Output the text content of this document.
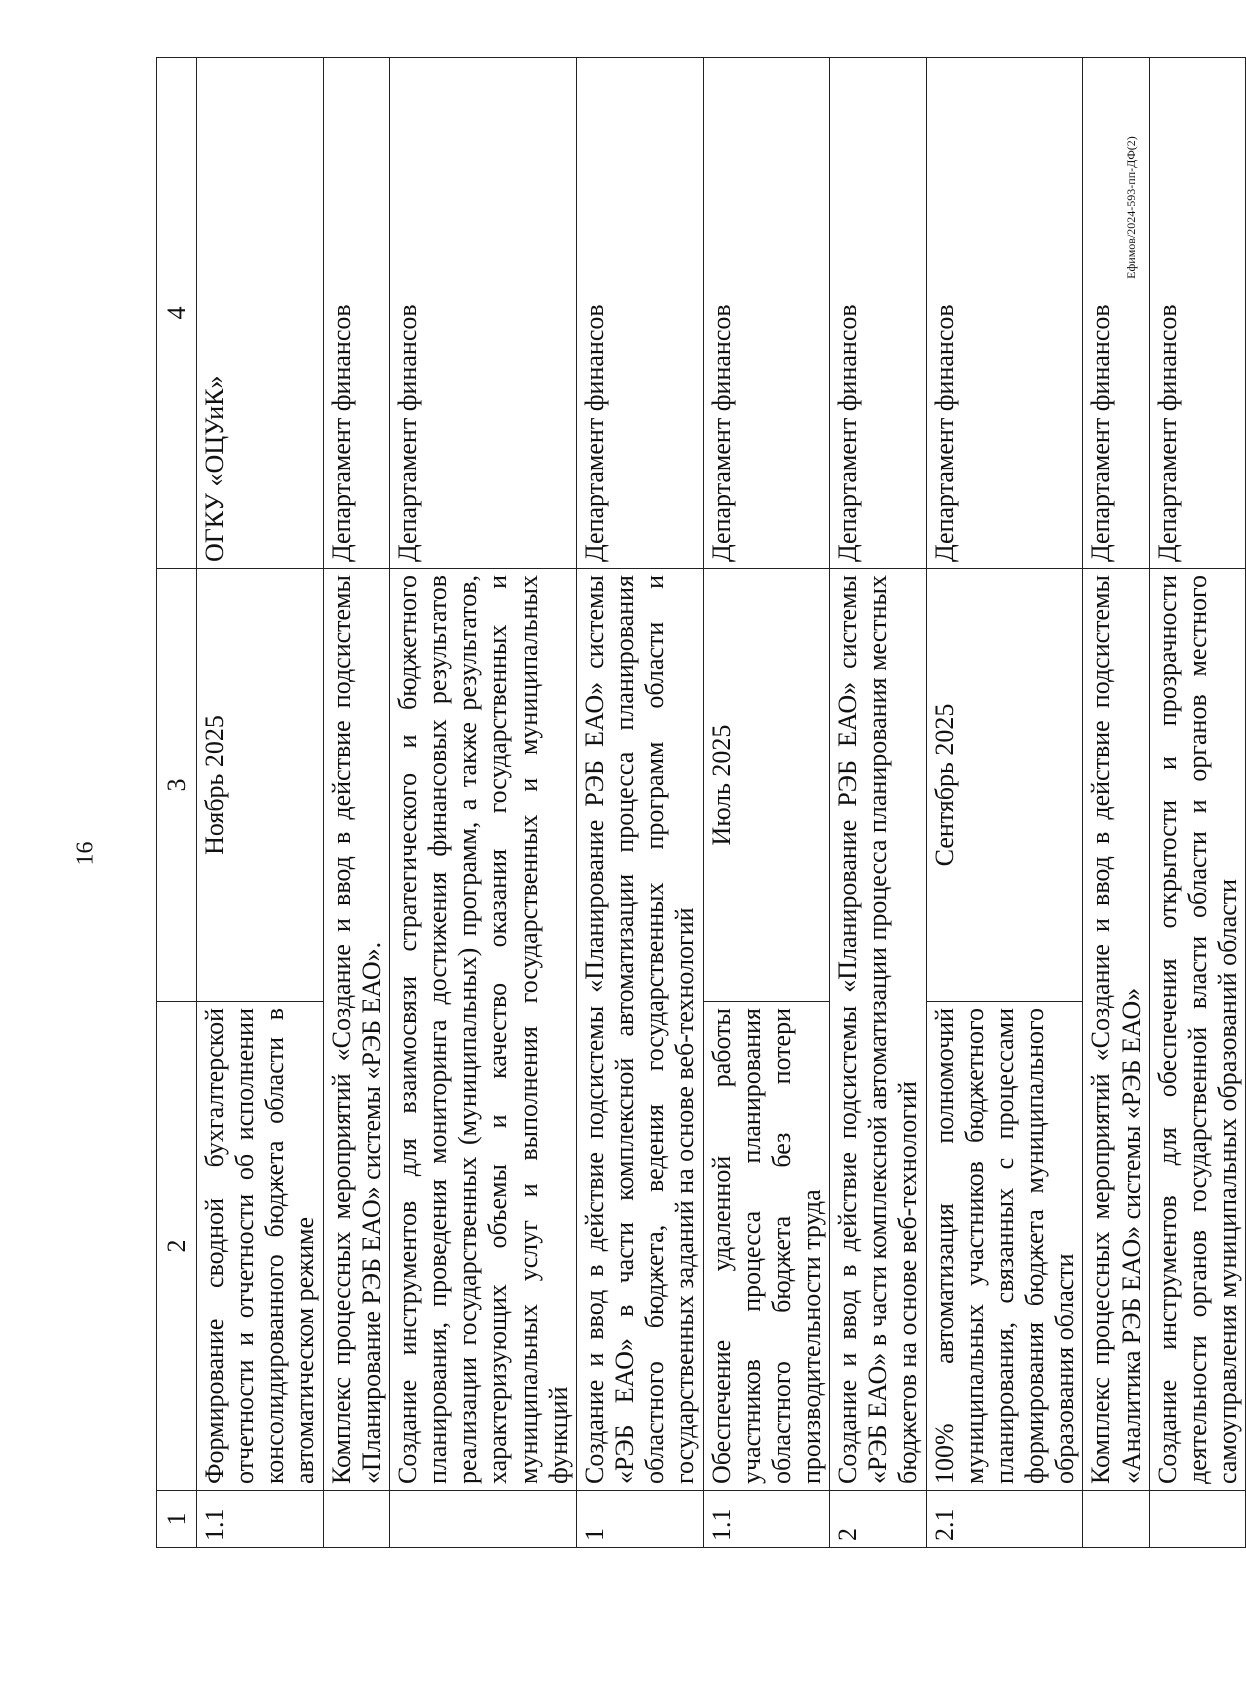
16
Ефимов/2024-593-пп-ДФ(2)
1	2	3	4
1.1	Формирование сводной бухгалтерской отчетности и отчетности об исполнении консолидированного бюджета области в автоматическом режиме	Ноябрь 2025	ОГКУ «ОЦУиК»
	Комплекс процессных мероприятий «Создание и ввод в действие подсистемы «Планирование РЭБ ЕАО» системы «РЭБ ЕАО».		Департамент финансов
	Создание инструментов для взаимосвязи стратегического и бюджетного планирования, проведения мониторинга достижения финансовых результатов реализации государственных (муниципальных) программ, а также результатов, характеризующих объемы и качество оказания государственных и муниципальных услуг и выполнения государственных и муниципальных функций		Департамент финансов
1	Создание и ввод в действие подсистемы «Планирование РЭБ ЕАО» системы «РЭБ ЕАО» в части комплексной автоматизации процесса планирования областного бюджета, ведения государственных программ области и государственных заданий на основе веб-технологий		Департамент финансов
1.1	Обеспечение удаленной работы участников процесса планирования областного бюджета без потери производительности труда	Июль 2025	Департамент финансов
2	Создание и ввод в действие подсистемы «Планирование РЭБ ЕАО» системы «РЭБ ЕАО» в части комплексной автоматизации процесса планирования местных бюджетов на основе веб-технологий		Департамент финансов
2.1	100% автоматизация полномочий муниципальных участников бюджетного планирования, связанных с процессами формирования бюджета муниципального образования области	Сентябрь 2025	Департамент финансов
	Комплекс процессных мероприятий «Создание и ввод в действие подсистемы «Аналитика РЭБ ЕАО» системы «РЭБ ЕАО»		Департамент финансов
	Создание инструментов для обеспечения открытости и прозрачности деятельности органов государственной власти области и органов местного самоуправления муниципальных образований области		Департамент финансов
